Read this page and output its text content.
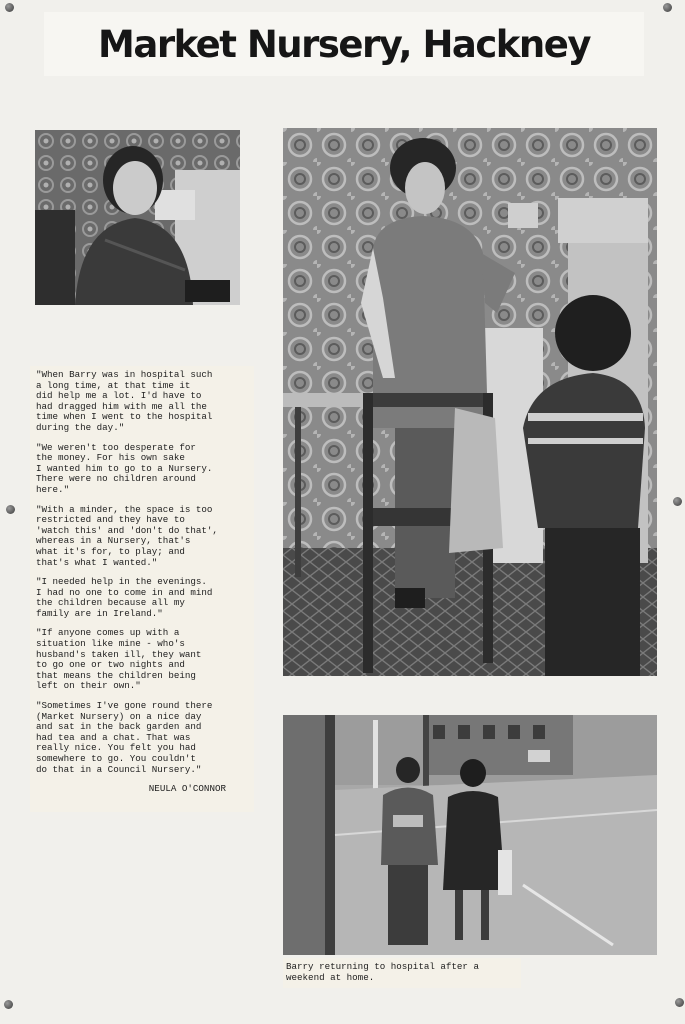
Market Nursery, Hackney

"When Barry was in hospital such
a long time, at that time it
did help me a lot. I'd have to
had dragged him with me all the
time when I went to the hospital
during the day."

"We weren't too desperate for
the money. For his own sake
I wanted him to go to a Nursery.
There were no children around
here."

"With a minder, the space is too
restricted and they have to
'watch this' and 'don't do that',
whereas in a Nursery, that's
what it's for, to play; and
that's what I wanted."

"I needed help in the evenings.
I had no one to come in and mind
the children because all my
family are in Ireland."

"If anyone comes up with a
situation like mine - who's
husband's taken ill, they want
to go one or two nights and
that means the children being
left on their own."

"Sometimes I've gone round there
(Market Nursery) on a nice day
and sat in the back garden and
had tea and a chat. That was
really nice. You felt you had
somewhere to go. You couldn't
do that in a Council Nursery."

NEULA O'CONNOR
Barry returning to hospital after a
weekend at home.
